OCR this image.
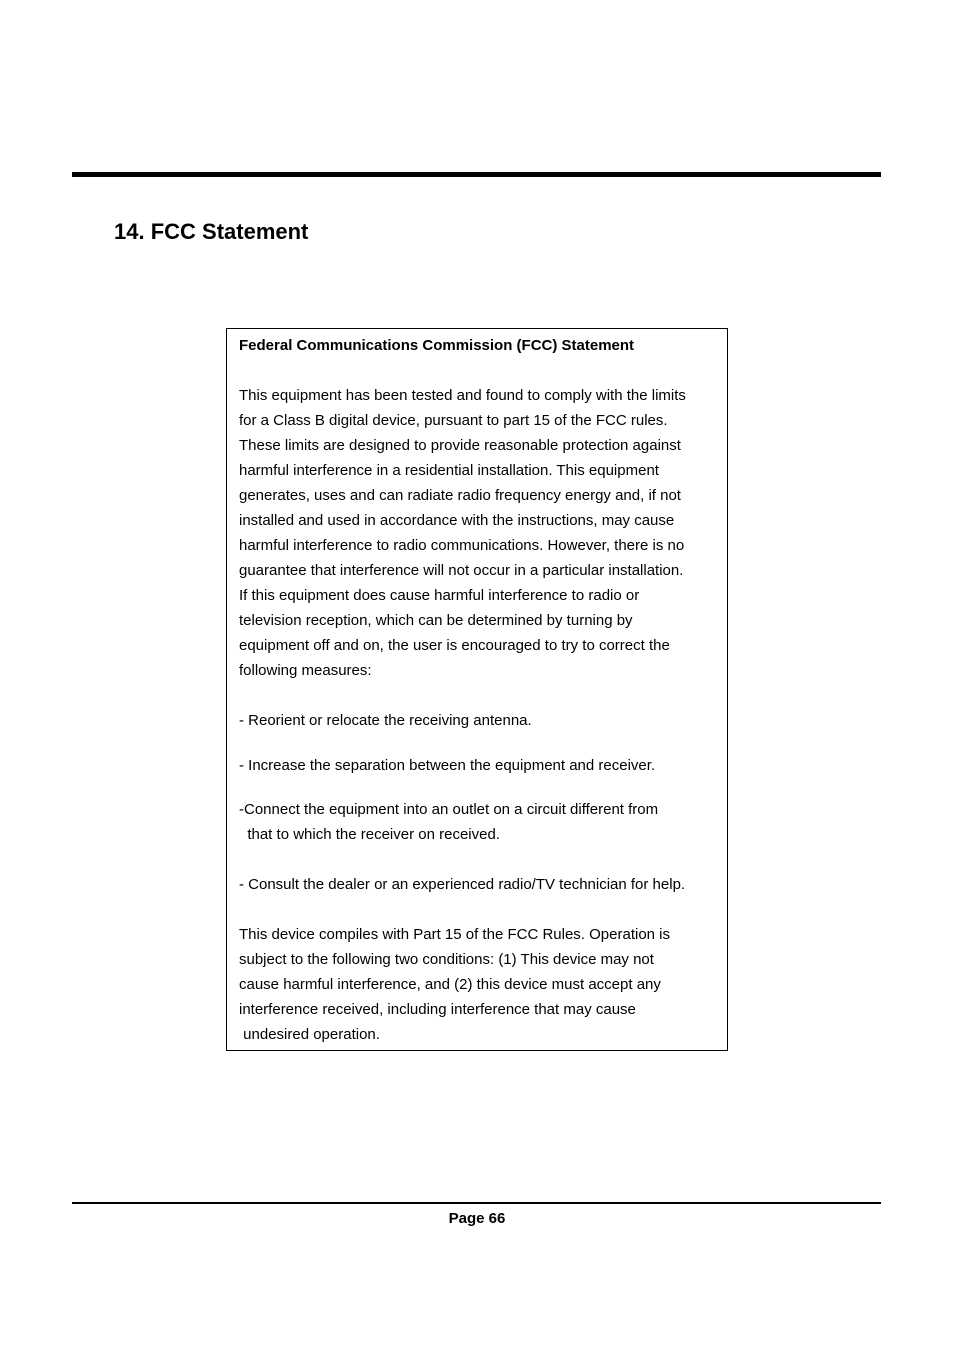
14. FCC Statement
Federal Communications Commission (FCC) Statement
This equipment has been tested and found to comply with the limits
for a Class B digital device, pursuant to part 15 of the FCC rules.
These limits are designed to provide reasonable protection against
harmful interference in a residential installation. This equipment
generates, uses and can radiate radio frequency energy and, if not
installed and used in accordance with the instructions, may cause
harmful interference to radio communications. However, there is no
guarantee that interference will not occur in a particular installation.
If this equipment does cause harmful interference to radio or
television reception, which can be determined by turning by
equipment off and on, the user is encouraged to try to correct the
following measures:
- Reorient or relocate the receiving antenna.
- Increase the separation between the equipment and receiver.
-Connect the equipment into an outlet on a circuit different from
that to which the receiver on received.
- Consult the dealer or an experienced radio/TV technician for help.
This device compiles with Part 15 of the FCC Rules. Operation is
subject to the following two conditions: (1) This device may not
cause harmful interference, and (2) this device must accept any
interference received, including interference that may cause
undesired operation.
Page 66
